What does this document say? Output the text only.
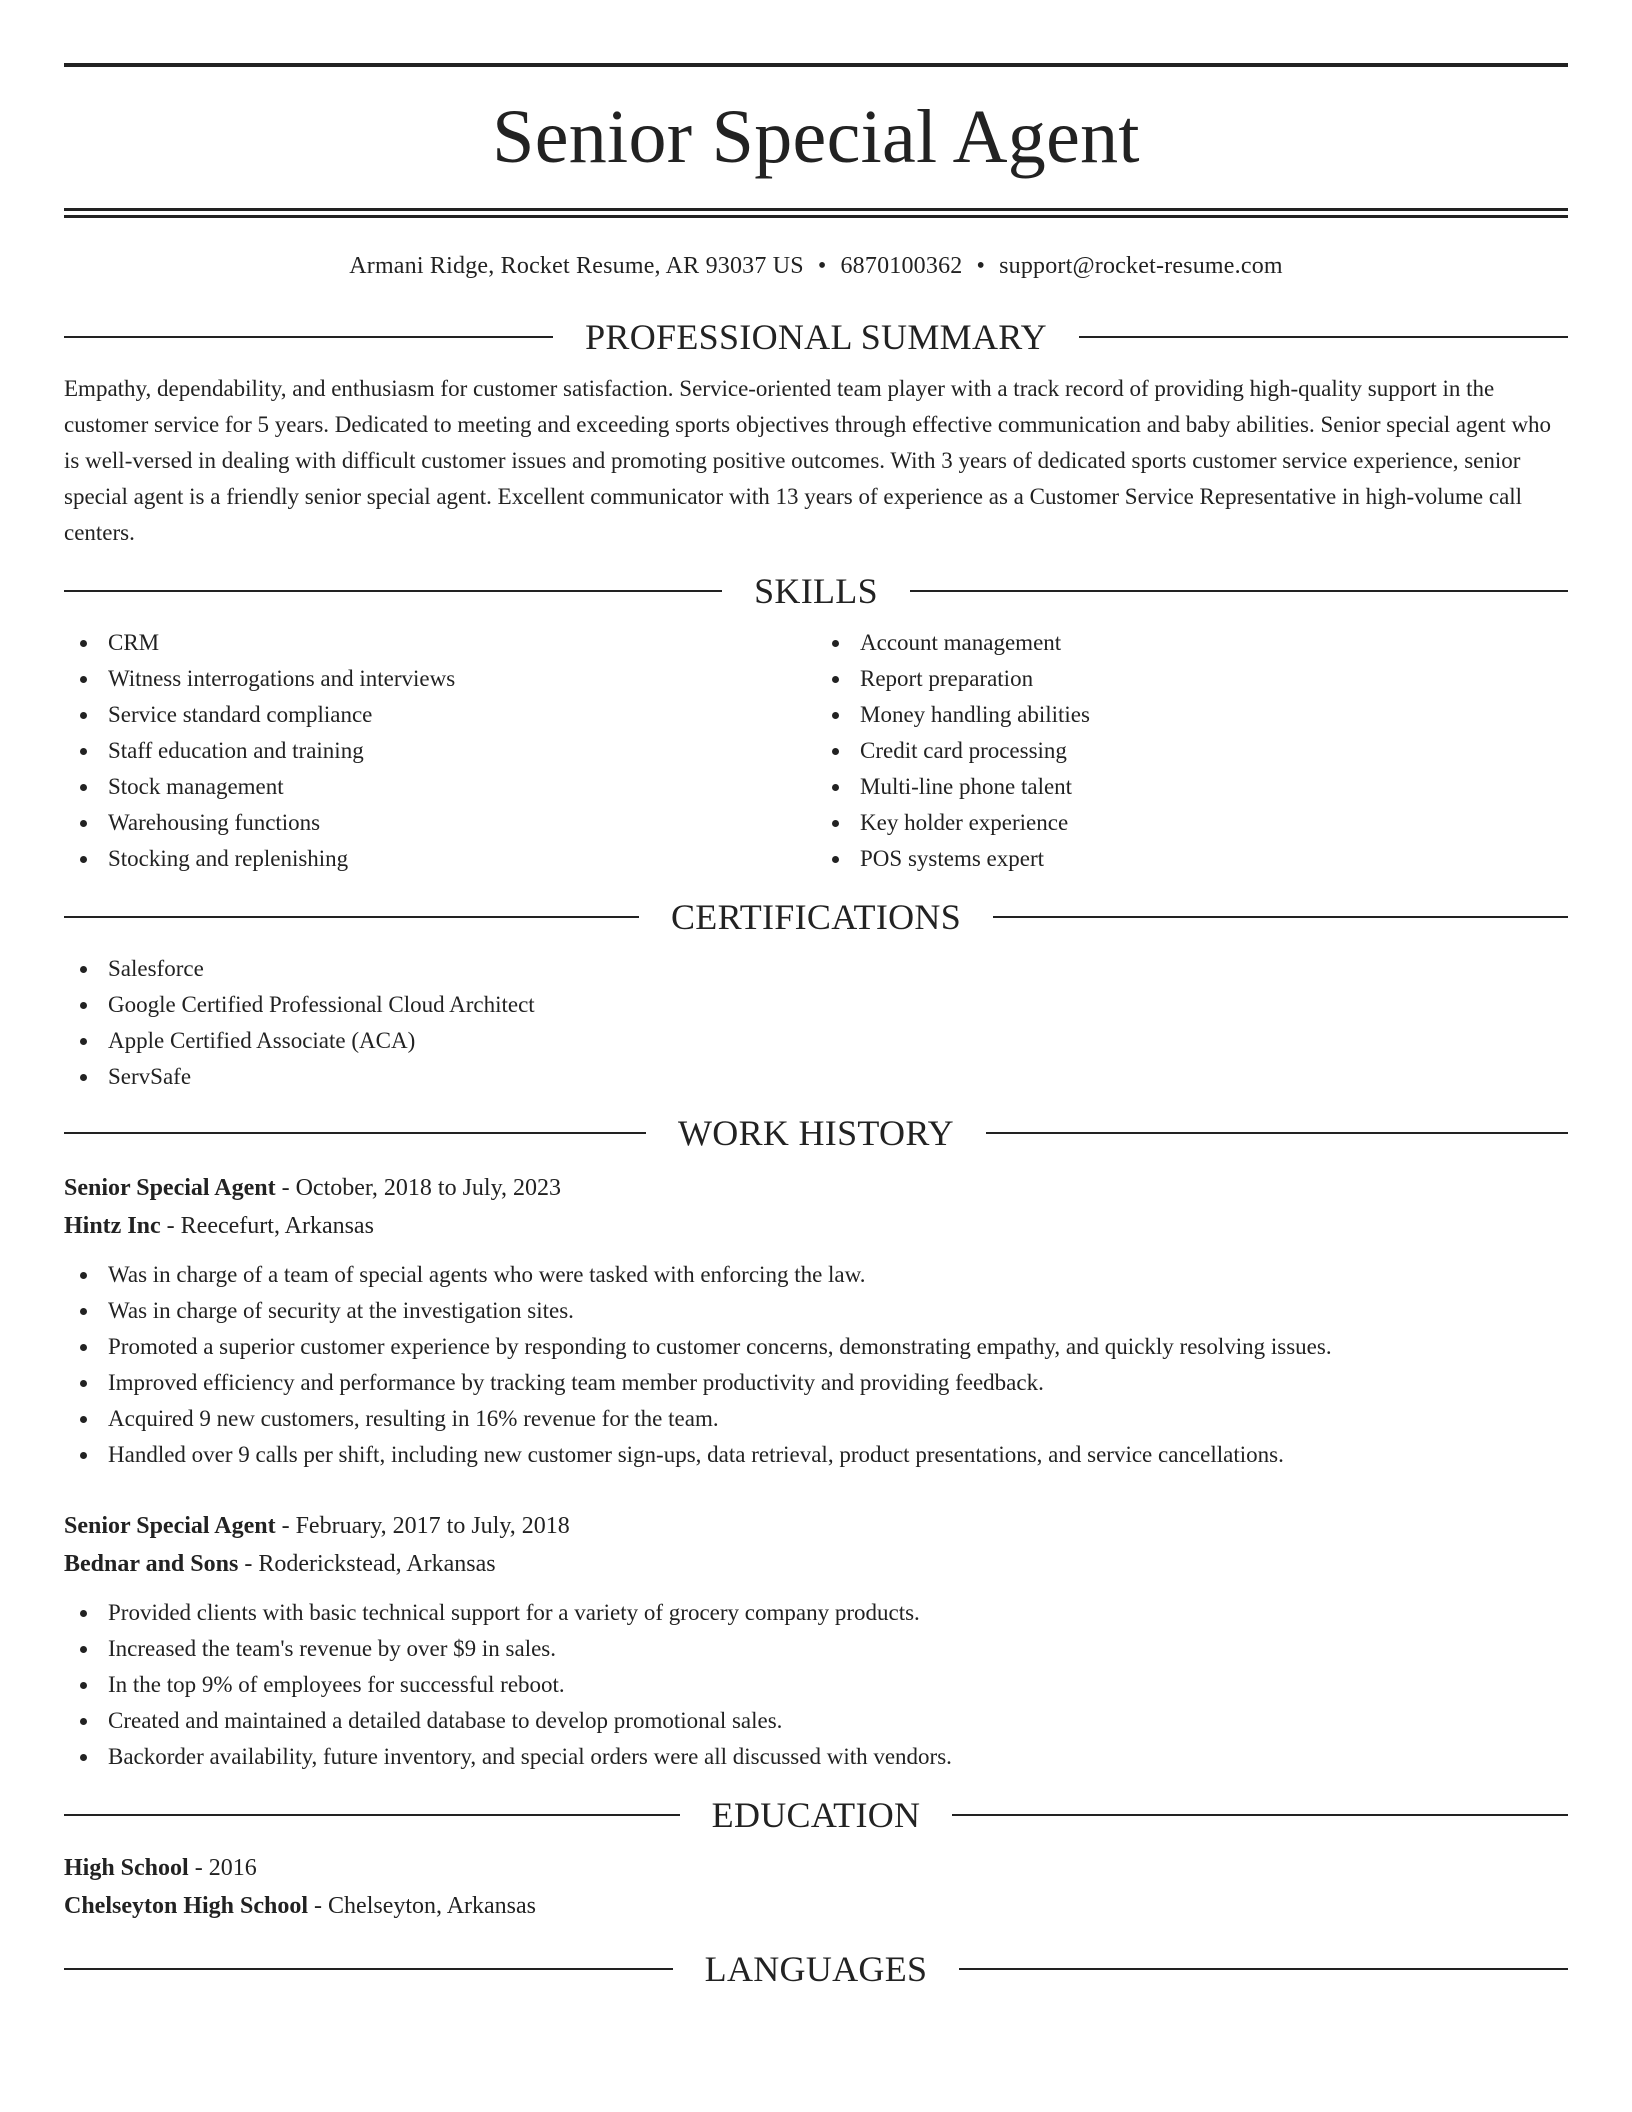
Senior Special Agent
Armani Ridge, Rocket Resume, AR 93037 US • 6870100362 • support@rocket-resume.com
PROFESSIONAL SUMMARY

Empathy, dependability, and enthusiasm for customer satisfaction. Service-oriented team player with a track record of providing high-quality support in the customer service for 5 years. Dedicated to meeting and exceeding sports objectives through effective communication and baby abilities. Senior special agent who is well-versed in dealing with difficult customer issues and promoting positive outcomes. With 3 years of dedicated sports customer service experience, senior special agent is a friendly senior special agent. Excellent communicator with 13 years of experience as a Customer Service Representative in high-volume call centers.

SKILLS
CRM
Witness interrogations and interviews
Service standard compliance
Staff education and training
Stock management
Warehousing functions
Stocking and replenishing
Account management
Report preparation
Money handling abilities
Credit card processing
Multi-line phone talent
Key holder experience
POS systems expert
CERTIFICATIONS
Salesforce
Google Certified Professional Cloud Architect
Apple Certified Associate (ACA)
ServSafe
WORK HISTORY
Senior Special Agent - October, 2018 to July, 2023
Hintz Inc - Reecefurt, Arkansas
Was in charge of a team of special agents who were tasked with enforcing the law.
Was in charge of security at the investigation sites.
Promoted a superior customer experience by responding to customer concerns, demonstrating empathy, and quickly resolving issues.
Improved efficiency and performance by tracking team member productivity and providing feedback.
Acquired 9 new customers, resulting in 16% revenue for the team.
Handled over 9 calls per shift, including new customer sign-ups, data retrieval, product presentations, and service cancellations.
Senior Special Agent - February, 2017 to July, 2018
Bednar and Sons - Roderickstead, Arkansas
Provided clients with basic technical support for a variety of grocery company products.
Increased the team's revenue by over $9 in sales.
In the top 9% of employees for successful reboot.
Created and maintained a detailed database to develop promotional sales.
Backorder availability, future inventory, and special orders were all discussed with vendors.
EDUCATION
High School - 2016
Chelseyton High School - Chelseyton, Arkansas
LANGUAGES
